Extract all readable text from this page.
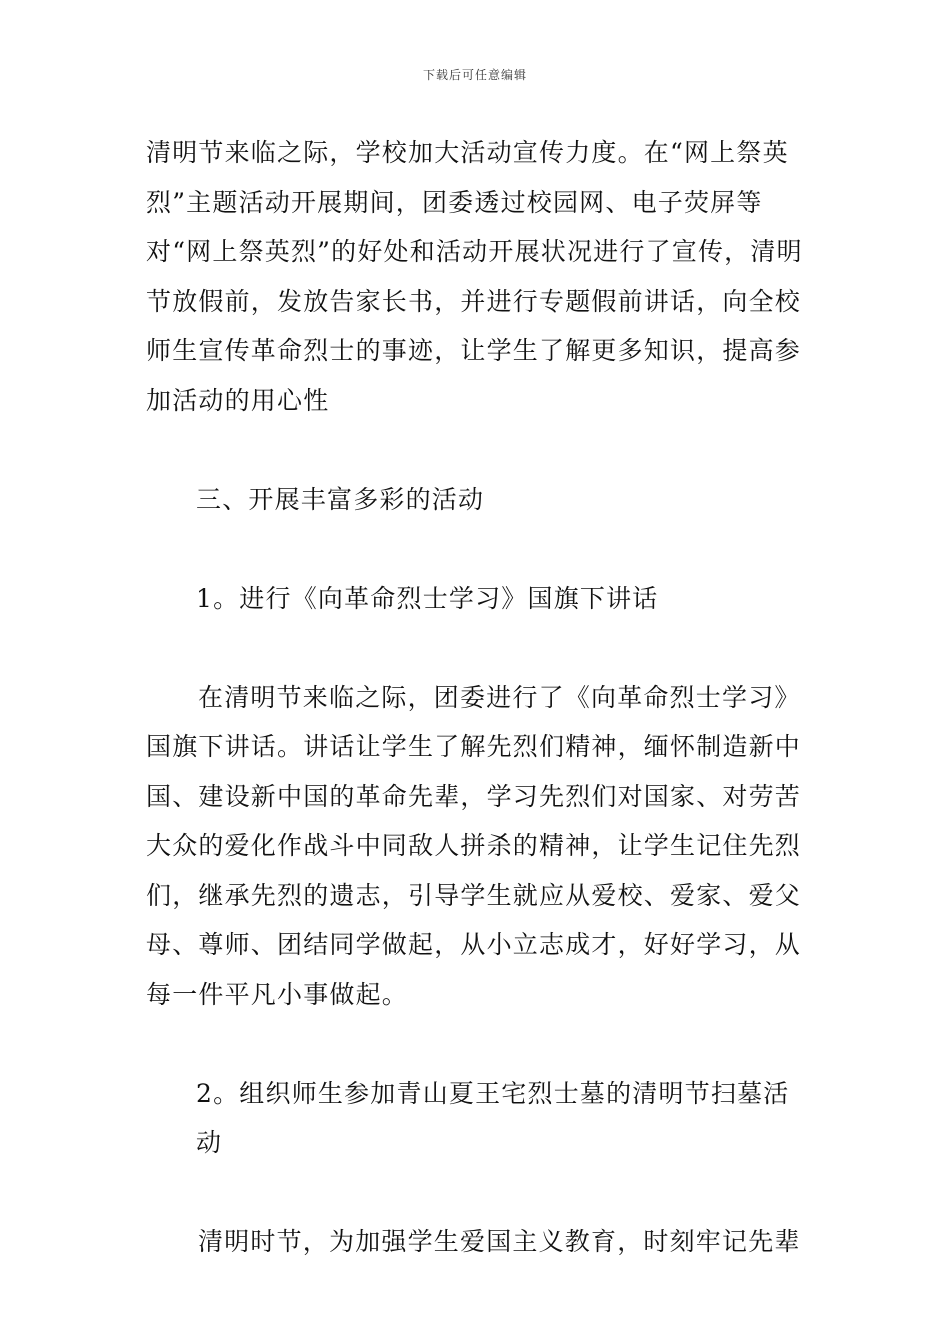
下载后可任意编辑

清明节来临之际，学校加大活动宣传力度。在“网上祭英烈”主题活动开展期间，团委透过校园网、电子荧屏等对“网上祭英烈”的好处和活动开展状况进行了宣传，清明节放假前，发放告家长书，并进行专题假前讲话，向全校师生宣传革命烈士的事迹，让学生了解更多知识，提高参加活动的用心性

三、开展丰富多彩的活动

1。进行《向革命烈士学习》国旗下讲话

在清明节来临之际，团委进行了《向革命烈士学习》国旗下讲话。讲话让学生了解先烈们精神，缅怀制造新中国、建设新中国的革命先辈，学习先烈们对国家、对劳苦大众的爱化作战斗中同敌人拼杀的精神，让学生记住先烈们，继承先烈的遗志，引导学生就应从爱校、爱家、爱父母、尊师、团结同学做起，从小立志成才，好好学习，从每一件平凡小事做起。

2。组织师生参加青山夏王宅烈士墓的清明节扫墓活动

清明时节，为加强学生爱国主义教育，时刻牢记先辈
